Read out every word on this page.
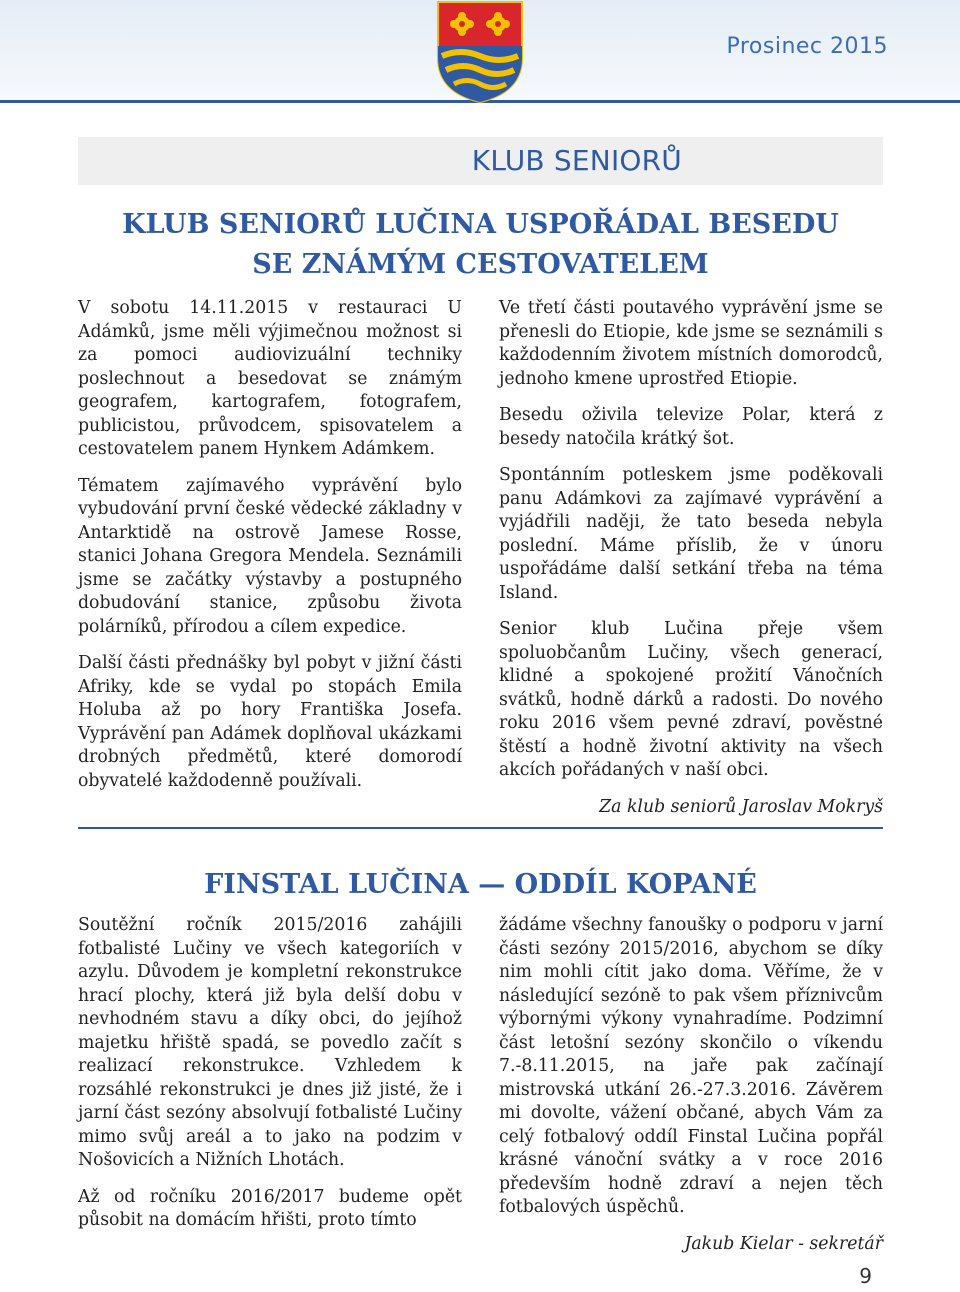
Prosinec 2015
KLUB SENIORŮ
KLUB SENIORŮ LUČINA USPOŘÁDAL BESEDU
SE ZNÁMÝM CESTOVATELEM

V sobotu 14.11.2015 v restauraci U Adámků, jsme měli výjimečnou možnost si za pomoci audiovizuální techniky poslechnout a besedovat se známým geografem, kartografem, fotografem, publicistou, průvodcem, spisovatelem a cestovatelem panem Hynkem Adámkem.

Tématem zajímavého vyprávění bylo vybudování první české vědecké základny v Antarktidě na ostrově Jamese Rosse, stanici Johana Gregora Mendela. Seznámili jsme se začátky výstavby a postupného dobudování stanice, způsobu života polárníků, přírodou a cílem expedice.

Další části přednášky byl pobyt v jižní části Afriky, kde se vydal po stopách Emila Holuba až po hory Františka Josefa. Vyprávění pan Adámek doplňoval ukázkami drobných předmětů, které domorodí obyvatelé každodenně používali.

Ve třetí části poutavého vyprávění jsme se přenesli do Etiopie, kde jsme se seznámili s každodenním životem místních domorodců, jednoho kmene uprostřed Etiopie.

Besedu oživila televize Polar, která z besedy natočila krátký šot.

Spontánním potleskem jsme poděkovali panu Adámkovi za zajímavé vyprávění a vyjádřili naději, že tato beseda nebyla poslední. Máme příslib, že v únoru uspořádáme další setkání třeba na téma Island.

Senior klub Lučina přeje všem spoluobčanům Lučiny, všech generací, klidné a spokojené prožití Vánočních svátků, hodně dárků a radosti. Do nového roku 2016 všem pevné zdraví, pověstné štěstí a hodně životní aktivity na všech akcích pořádaných v naší obci.

Za klub seniorů Jaroslav Mokryš

FINSTAL LUČINA — ODDÍL KOPANÉ

Soutěžní ročník 2015/2016 zahájili fotbalisté Lučiny ve všech kategoriích v azylu. Důvodem je kompletní rekonstrukce hrací plochy, která již byla delší dobu v nevhodném stavu a díky obci, do jejíhož majetku hřiště spadá, se povedlo začít s realizací rekonstrukce. Vzhledem k rozsáhlé rekonstrukci je dnes již jisté, že i jarní část sezóny absolvují fotbalisté Lučiny mimo svůj areál a to jako na podzim v Nošovicích a Nižních Lhotách.

Až od ročníku 2016/2017 budeme opět působit na domácím hřišti, proto tímto

žádáme všechny fanoušky o podporu v jarní části sezóny 2015/2016, abychom se díky nim mohli cítit jako doma. Věříme, že v následující sezóně to pak všem příznivcům výbornými výkony vynahradíme. Podzimní část letošní sezóny skončilo o víkendu 7.-8.11.2015, na jaře pak začínají mistrovská utkání 26.-27.3.2016. Závěrem mi dovolte, vážení občané, abych Vám za celý fotbalový oddíl Finstal Lučina popřál krásné vánoční svátky a v roce 2016 především hodně zdraví a nejen těch fotbalových úspěchů.

Jakub Kielar - sekretář

9
